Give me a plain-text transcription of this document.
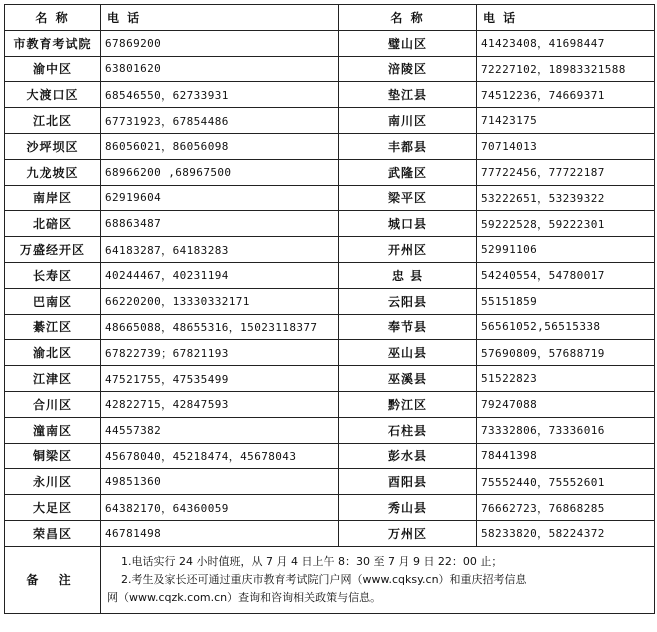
名 称	电 话	名 称	电 话
市教育考试院	67869200	璧山区	41423408，41698447
渝中区	63801620	涪陵区	72227102，18983321588
大渡口区	68546550，62733931	垫江县	74512236，74669371
江北区	67731923，67854486	南川区	71423175
沙坪坝区	86056021，86056098	丰都县	70714013
九龙坡区	68966200 ,68967500	武隆区	77722456，77722187
南岸区	62919604	梁平区	53222651，53239322
北碚区	68863487	城口县	59222528，59222301
万盛经开区	64183287，64183283	开州区	52991106
长寿区	40244467，40231194	忠 县	54240554，54780017
巴南区	66220200，13330332171	云阳县	55151859
綦江区	48665088，48655316，15023118377	奉节县	56561052,56515338
渝北区	67822739；67821193	巫山县	57690809，57688719
江津区	47521755，47535499	巫溪县	51522823
合川区	42822715，42847593	黔江区	79247088
潼南区	44557382	石柱县	73332806，73336016
铜梁区	45678040，45218474，45678043	彭水县	78441398
永川区	49851360	酉阳县	75552440，75552601
大足区	64382170，64360059	秀山县	76662723，76868285
荣昌区	46781498	万州区	58233820，58224372
备 注	1.电话实行 24 小时值班，从 7 月 4 日上午 8：30 至 7 月 9 日 22：00 止；
2.考生及家长还可通过重庆市教育考试院门户网（www.cqksy.cn）和重庆招考信息
网（www.cqzk.com.cn）查询和咨询相关政策与信息。		
